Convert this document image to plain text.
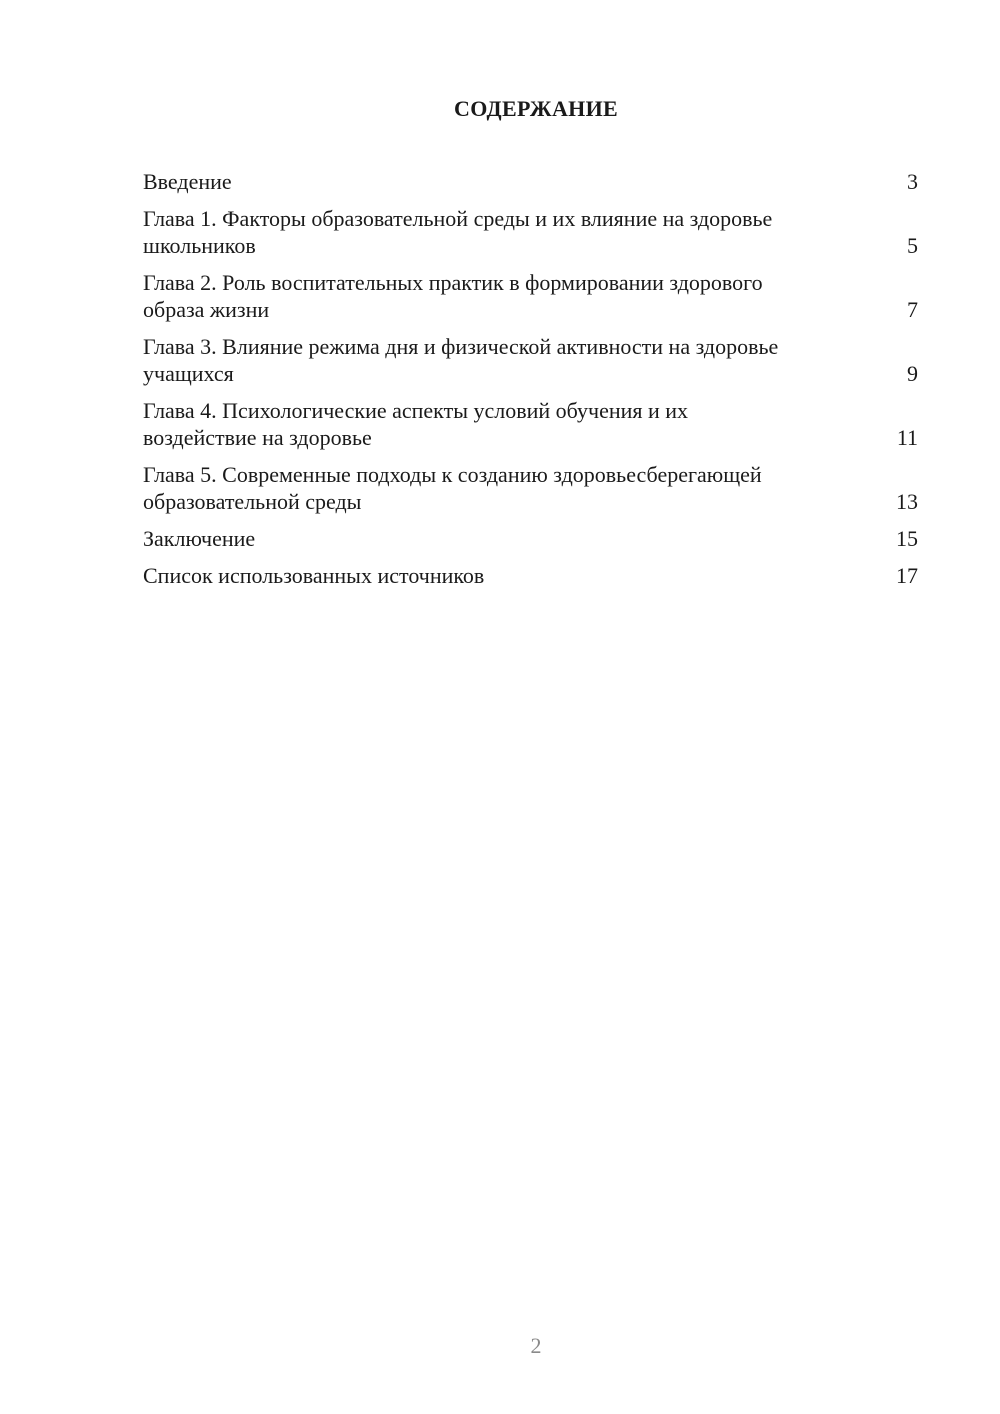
СОДЕРЖАНИЕ
Введение	3
Глава 1. Факторы образовательной среды и их влияние на здоровье школьников	5
Глава 2. Роль воспитательных практик в формировании здорового образа жизни	7
Глава 3. Влияние режима дня и физической активности на здоровье учащихся	9
Глава 4. Психологические аспекты условий обучения и их воздействие на здоровье	11
Глава 5. Современные подходы к созданию здоровьесберегающей образовательной среды	13
Заключение	15
Список использованных источников	17
2
